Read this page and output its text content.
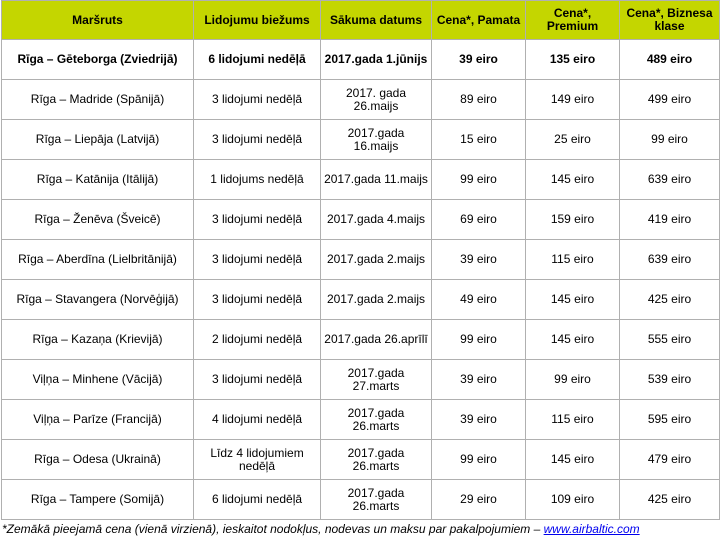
Maršruts	Lidojumu biežums	Sākuma datums	Cena*, Pamata	Cena*, Premium	Cena*, Biznesa klase
Rīga – Gēteborga (Zviedrijā)	6 lidojumi nedēļā	2017.gada 1.jūnijs	39 eiro	135 eiro	489 eiro
Rīga – Madride (Spānijā)	3 lidojumi nedēļā	2017. gada 26.maijs	89 eiro	149 eiro	499 eiro
Rīga – Liepāja (Latvijā)	3 lidojumi nedēļā	2017.gada 16.maijs	15 eiro	25 eiro	99 eiro
Rīga – Katānija (Itālijā)	1 lidojums nedēļā	2017.gada 11.maijs	99 eiro	145 eiro	639 eiro
Rīga – Ženēva (Šveicē)	3 lidojumi nedēļā	2017.gada 4.maijs	69 eiro	159 eiro	419 eiro
Rīga – Aberdīna (Lielbritānijā)	3 lidojumi nedēļā	2017.gada 2.maijs	39 eiro	115 eiro	639 eiro
Rīga – Stavangera (Norvēģijā)	3 lidojumi nedēļā	2017.gada 2.maijs	49 eiro	145 eiro	425 eiro
Rīga – Kazaņa (Krievijā)	2 lidojumi nedēļā	2017.gada 26.aprīlī	99 eiro	145 eiro	555 eiro
Viļņa – Minhene (Vācijā)	3 lidojumi nedēļā	2017.gada 27.marts	39 eiro	99 eiro	539 eiro
Viļņa – Parīze (Francijā)	4 lidojumi nedēļā	2017.gada 26.marts	39 eiro	115 eiro	595 eiro
Rīga – Odesa (Ukrainā)	Līdz 4 lidojumiem nedēļā	2017.gada 26.marts	99 eiro	145 eiro	479 eiro
Rīga – Tampere (Somijā)	6 lidojumi nedēļā	2017.gada 26.marts	29 eiro	109 eiro	425 eiro
*Zemākā pieejamā cena (vienā virzienā), ieskaitot nodokļus, nodevas un maksu par pakalpojumiem – www.airbaltic.com
